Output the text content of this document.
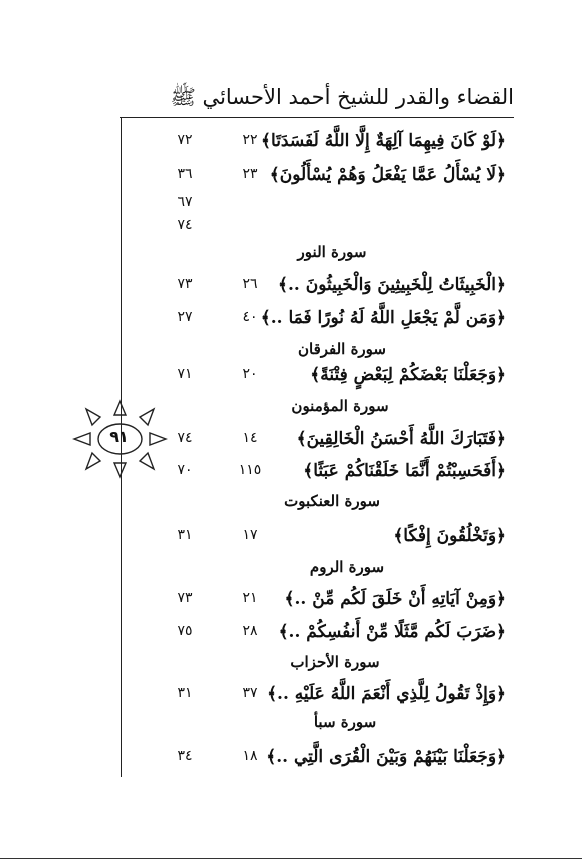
القضاء والقدر للشيخ أحمد الأحسائي ﷺ
٩١
﴿لَوْ كَانَ فِيهِمَا آلِهَةٌ إِلَّا اللَّهُ لَفَسَدَتَا﴾
٢٢
٧٢
﴿لَا يُسْأَلُ عَمَّا يَفْعَلُ وَهُمْ يُسْأَلُونَ﴾
٢٣
٣٦
٦٧
٧٤
سورة النور
﴿الْخَبِيثَاتُ لِلْخَبِيثِينَ وَالْخَبِيثُونَ ..﴾
٢٦
٧٣
﴿وَمَن لَّمْ يَجْعَلِ اللَّهُ لَهُ نُورًا فَمَا ..﴾
٤٠
٢٧
سورة الفرقان
﴿وَجَعَلْنَا بَعْضَكُمْ لِبَعْضٍ فِتْنَةً﴾
٢٠
٧١
سورة المؤمنون
﴿فَتَبَارَكَ اللَّهُ أَحْسَنُ الْخَالِقِينَ﴾
١٤
٧٤
﴿أَفَحَسِبْتُمْ أَنَّمَا خَلَقْنَاكُمْ عَبَثًا﴾
١١٥
٧٠
سورة العنكبوت
﴿وَتَخْلُقُونَ إِفْكًا﴾
١٧
٣١
سورة الروم
﴿وَمِنْ آيَاتِهِ أَنْ خَلَقَ لَكُم مِّنْ ..﴾
٢١
٧٣
﴿ضَرَبَ لَكُم مَّثَلًا مِّنْ أَنفُسِكُمْ ..﴾
٢٨
٧٥
سورة الأحزاب
﴿وَإِذْ تَقُولُ لِلَّذِي أَنْعَمَ اللَّهُ عَلَيْهِ ..﴾
٣٧
٣١
سورة سبأ
﴿وَجَعَلْنَا بَيْنَهُمْ وَبَيْنَ الْقُرَى الَّتِي ..﴾
١٨
٣٤
